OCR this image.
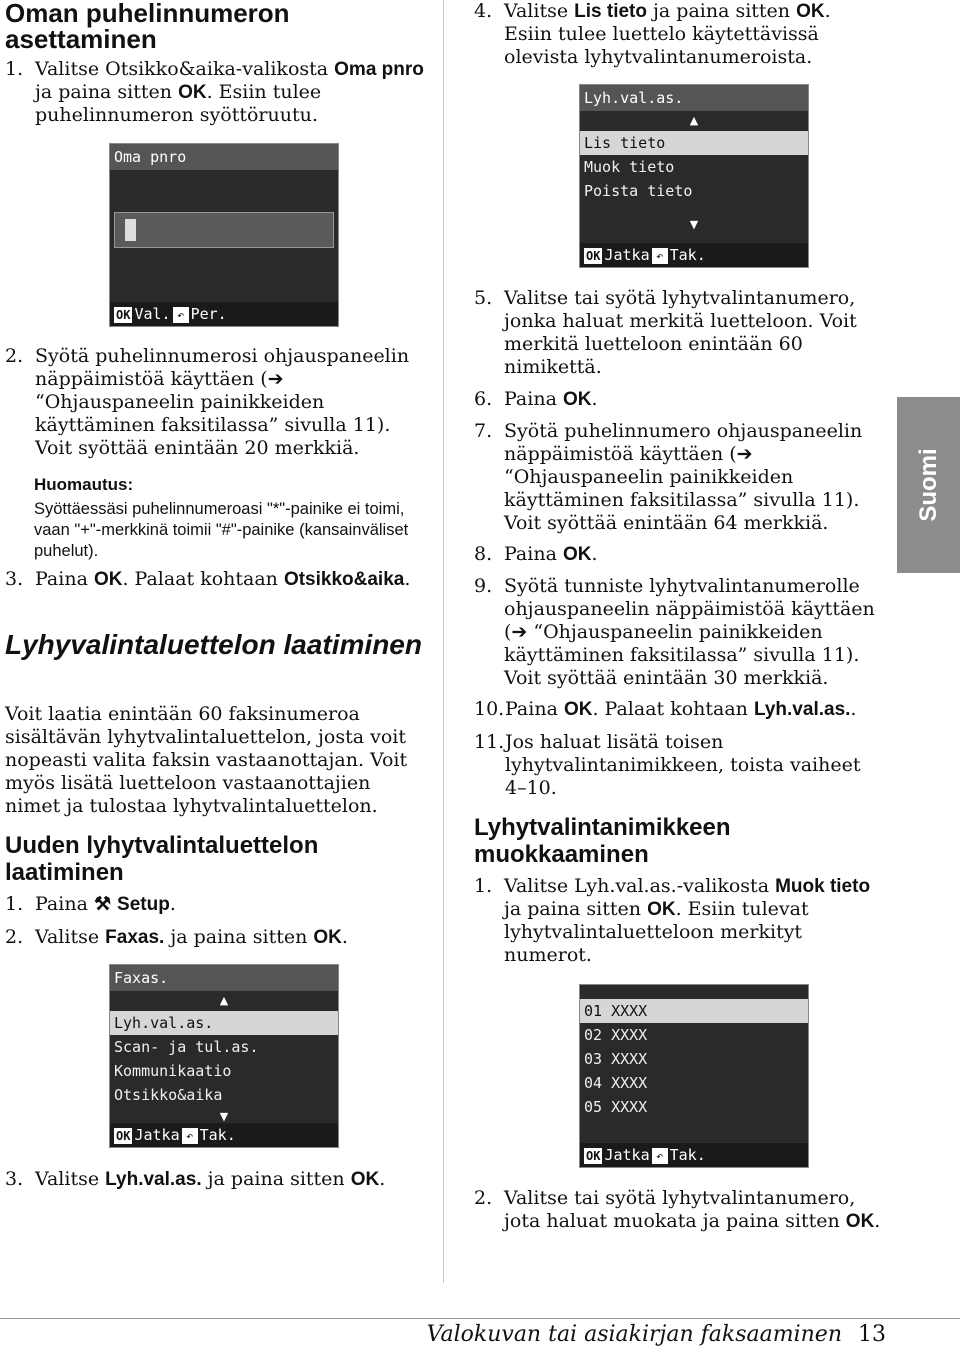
Oman puhelinnumeron asettaminen
1. Valitse Otsikko&aika-valikosta Oma pnro ja paina sitten OK. Esiin tulee puhelinnumeron syöttöruutu.
Oma pnro
OK Val. ↶ Per.
2. Syötä puhelinnumerosi ohjauspaneelin näppäimistöä käyttäen (➔ “Ohjauspaneelin painikkeiden käyttäminen faksitilassa” sivulla 11). Voit syöttää enintään 20 merkkiä.
Huomautus:
Syöttäessäsi puhelinnumeroasi "*"-painike ei toimi, vaan "+"-merkkinä toimii "#"-painike (kansainväliset puhelut).
3. Paina OK. Palaat kohtaan Otsikko&aika.
Lyhyvalintaluettelon laatiminen
Voit laatia enintään 60 faksinumeroa sisältävän lyhytvalintaluettelon, josta voit nopeasti valita faksin vastaanottajan. Voit myös lisätä luetteloon vastaanottajien nimet ja tulostaa lyhytvalintaluettelon.
Uuden lyhytvalintaluettelon laatiminen
1. Paina ⚒ Setup.
2. Valitse Faxas. ja paina sitten OK.
Faxas.
▲
Lyh.val.as.
Scan- ja tul.as.
Kommunikaatio
Otsikko&aika
▼
OK Jatka ↶ Tak.
3. Valitse Lyh.val.as. ja paina sitten OK.
4. Valitse Lis tieto ja paina sitten OK. Esiin tulee luettelo käytettävissä olevista lyhytvalintanumeroista.
Lyh.val.as.
▲
Lis tieto
Muok tieto
Poista tieto
▼
OK Jatka ↶ Tak.
5. Valitse tai syötä lyhytvalintanumero, jonka haluat merkitä luetteloon. Voit merkitä luetteloon enintään 60 nimikettä.
6. Paina OK.
7. Syötä puhelinnumero ohjauspaneelin näppäimistöä käyttäen (➔ “Ohjauspaneelin painikkeiden käyttäminen faksitilassa” sivulla 11). Voit syöttää enintään 64 merkkiä.
8. Paina OK.
9. Syötä tunniste lyhytvalintanumerolle ohjauspaneelin näppäimistöä käyttäen (➔ “Ohjauspaneelin painikkeiden käyttäminen faksitilassa” sivulla 11). Voit syöttää enintään 30 merkkiä.
10. Paina OK. Palaat kohtaan Lyh.val.as..
11. Jos haluat lisätä toisen lyhytvalintanimikkeen, toista vaiheet 4–10.
Lyhytvalintanimikkeen muokkaaminen
1. Valitse Lyh.val.as.-valikosta Muok tieto ja paina sitten OK. Esiin tulevat lyhytvalintaluetteloon merkityt numerot.
01 XXXX
02 XXXX
03 XXXX
04 XXXX
05 XXXX
OK Jatka ↶ Tak.
2. Valitse tai syötä lyhytvalintanumero, jota haluat muokata ja paina sitten OK.
Suomi
Valokuvan tai asiakirjan faksaaminen 13
